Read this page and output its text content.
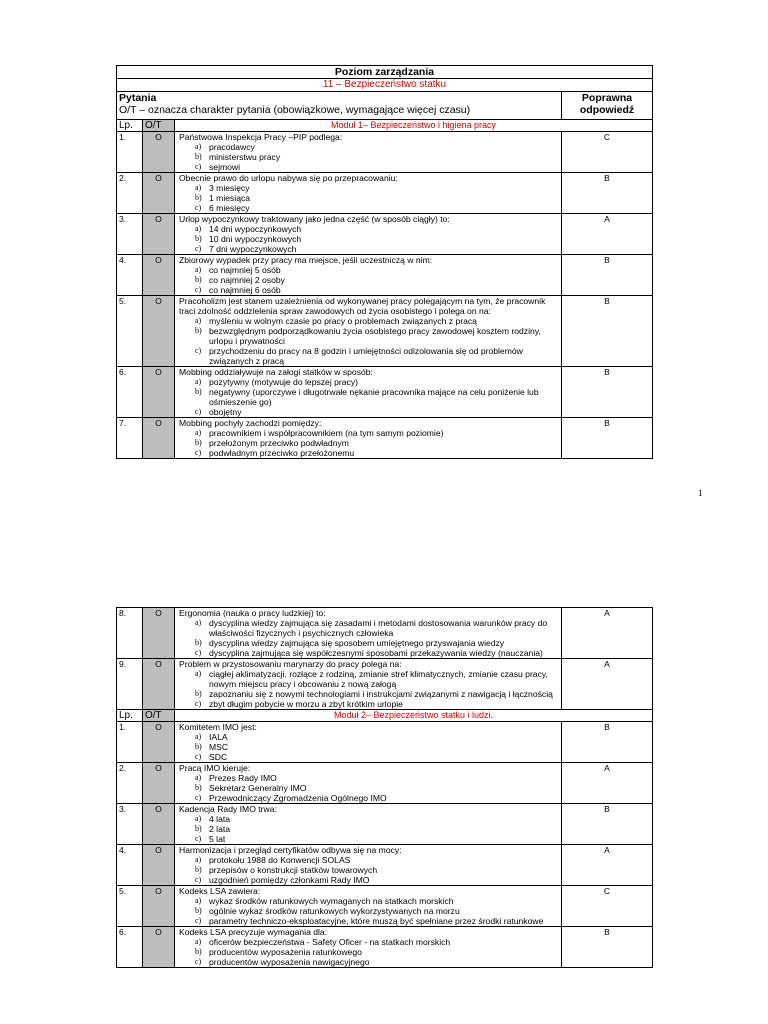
Poziom zarządzania
11 – Bezpieczeństwo statku
Pytania
O/T – oznacza charakter pytania (obowiązkowe, wymagające więcej czasu)
Poprawna
odpowiedź
Lp.	O/T	Moduł 1– Bezpieczeństwo i higiena pracy
1.	O	Państwowa Inspekcja Pracy –PIP podlega:
a) pracodawcy
b) ministerstwu pracy
c) sejmowi
C
2.	O	Obecnie prawo do urlopu nabywa się po przepracowaniu:
a) 3 miesięcy
b) 1 miesiąca
c) 6 miesięcy
B
3.	O	Urlop wypoczynkowy traktowany jako jedna część (w sposób ciągły) to:
a) 14 dni wypoczynkowych
b) 10 dni wypoczynkowych
c) 7 dni wypoczynkowych
A
4.	O	Zbiorowy wypadek przy pracy ma miejsce, jeśli uczestniczą w nim:
a) co najmniej 5 osób
b) co najmniej 2 osoby
c) co najmniej 6 osób
B
5.	O	Pracoholizm jest stanem uzależnienia od wykonywanej pracy polegającym na tym, że pracownik traci zdolność oddzielenia spraw zawodowych od życia osobistego i polega on na:
a) myśleniu w wolnym czasie po pracy o problemach związanych z pracą
b) bezwzględnym podporządkowaniu życia osobistego pracy zawodowej kosztem rodziny, urlopu i prywatności
c) przychodzeniu do pracy na 8 godzin i umiejętności odizolowania się od problemów związanych z pracą
B
6.	O	Mobbing oddziaływuje na załogi statków w sposób:
a) pozytywny (motywuje do lepszej pracy)
b) negatywny (uporczywe i długotrwałe nękanie pracownika mające na celu poniżenie lub ośmieszenie go)
c) obojętny
B
7.	O	Mobbing pochyły zachodzi pomiędzy:
a) pracownikiem i współpracownikiem (na tym samym poziomie)
b) przełożonym przeciwko podwładnym
c) podwładnym przeciwko przełożonemu
B
1
8.	O	Ergonomia (nauka o pracy ludzkiej) to:
a) dyscyplina wiedzy zajmująca się zasadami i metodami dostosowania warunków pracy do właściwości fizycznych i psychicznych człowieka
b) dyscyplina wiedzy zajmująca się sposobem umiejętnego przyswajania wiedzy
c) dyscyplina zajmująca się współczesnymi sposobami przekazywania wiedzy (nauczania)
A
9.	O	Problem w przystosowaniu marynarzy do pracy polega na:
a) ciągłej aklimatyzacji, rozłące z rodziną, zmianie stref klimatycznych, zmianie czasu pracy, nowym miejscu pracy i obcowaniu z nową załogą
b) zapoznaniu się z nowymi technologiami i instrukcjami związanymi z nawigacją i łącznością
c) zbyt długim pobycie w morzu a zbyt krótkim urlopie
A
Lp.	O/T	Moduł 2– Bezpieczeństwo statku i ludzi.
1.	O	Komitetem IMO jest:
a) IALA
b) MSC
c) SDC
B
2.	O	Pracą IMO kieruje:
a) Prezes Rady IMO
b) Sekretarz Generalny IMO
c) Przewodniczący Zgromadzenia Ogólnego IMO
A
3.	O	Kadencja Rady IMO trwa:
a) 4 lata
b) 2 lata
c) 5 lat
B
4.	O	Harmonizacja i przegląd certyfikatów odbywa się na mocy:
a) protokołu 1988 do Konwencji SOLAS
b) przepisów o konstrukcji statków towarowych
c) uzgodnień pomiędzy członkami Rady IMO
A
5.	O	Kodeks LSA zawiera:
a) wykaz środków ratunkowych wymaganych na statkach morskich
b) ogólnie wykaz środków ratunkowych wykorzystywanych na morzu
c) parametry techniczo-eksploatacyjne, które muszą być spełniane przez środki ratunkowe
C
6.	O	Kodeks LSA precyzuje wymagania dla:
a) oficerów bezpieczeństwa - Safety Oficer - na statkach morskich
b) producentów wyposażenia ratunkowego
c) producentów wyposażenia nawigacyjnego
B
